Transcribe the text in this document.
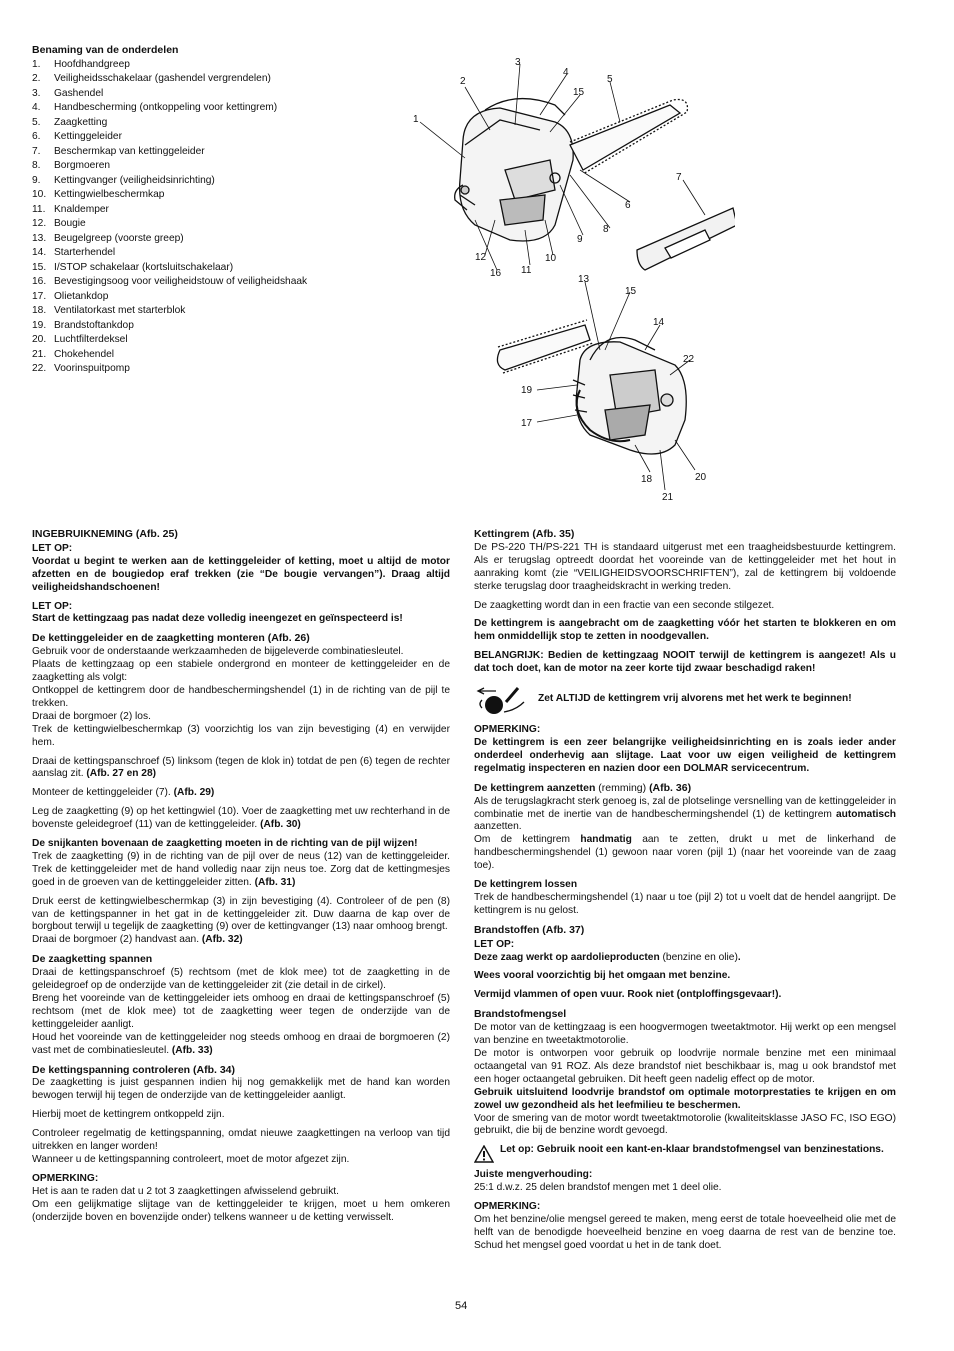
Benaming van de onderdelen
1.	Hoofdhandgreep
2.	Veiligheidsschakelaar (gashendel vergrendelen)
3.	Gashendel
4.	Handbescherming (ontkoppeling voor kettingrem)
5.	Zaagketting
6.	Kettinggeleider
7.	Beschermkap van kettinggeleider
8.	Borgmoeren
9.	Kettingvanger (veiligheidsinrichting)
10. Kettingwielbeschermkap
11. Knaldemper
12. Bougie
13. Beugelgreep (voorste greep)
14. Starterhendel
15. I/STOP schakelaar (kortsluitschakelaar)
16. Bevestigingsoog voor veiligheidstouw of veiligheidshaak
17. Olietankdop
18. Ventilatorkast met starterblok
19. Brandstoftankdop
20. Luchtfilterdeksel
21. Chokehendel
22. Voorinspuitpomp
1
2
3
4
5
6
7
8
9
10
11
12
13
14
15
15
16
17
18
19
20
21
22
INGEBRUIKNEMING (Afb. 25)
LET OP:

Voordat u begint te werken aan de kettinggeleider of ketting, moet u altijd de motor afzetten en de bougiedop eraf trekken (zie “De bougie vervangen”). Draag altijd veiligheidshandschoenen!

LET OP:

Start de kettingzaag pas nadat deze volledig ineengezet en geïnspecteerd is!

De kettinggeleider en de zaagketting monteren (Afb. 26)

Gebruik voor de onderstaande werkzaamheden de bijgeleverde combinatiesleutel.

Plaats de kettingzaag op een stabiele ondergrond en monteer de kettinggeleider en de zaagketting als volgt:

Ontkoppel de kettingrem door de handbeschermingshendel (1) in de richting van de pijl te trekken.

Draai de borgmoer (2) los.

Trek de kettingwielbeschermkap (3) voorzichtig los van zijn bevestiging (4) en verwijder hem.

Draai de kettingspanschroef (5) linksom (tegen de klok in) totdat de pen (6) tegen de rechter aanslag zit. (Afb. 27 en 28)

Monteer de kettinggeleider (7). (Afb. 29)

Leg de zaagketting (9) op het kettingwiel (10). Voer de zaagketting met uw rechterhand in de bovenste geleidegroef (11) van de kettinggeleider. (Afb. 30)

De snijkanten bovenaan de zaagketting moeten in de richting van de pijl wijzen!

Trek de zaagketting (9) in de richting van de pijl over de neus (12) van de kettinggeleider. Trek de kettinggeleider met de hand volledig naar zijn neus toe. Zorg dat de kettingmesjes goed in de groeven van de kettinggeleider zitten. (Afb. 31)

Druk eerst de kettingwielbeschermkap (3) in zijn bevestiging (4). Controleer of de pen (8) van de kettingspanner in het gat in de kettinggeleider zit. Duw daarna de kap over de borgbout terwijl u tegelijk de zaagketting (9) over de kettingvanger (13) naar omhoog brengt.

Draai de borgmoer (2) handvast aan. (Afb. 32)

De zaagketting spannen

Draai de kettingspanschroef (5) rechtsom (met de klok mee) tot de zaagketting in de geleidegroef op de onderzijde van de kettinggeleider zit (zie detail in de cirkel).

Breng het vooreinde van de kettinggeleider iets omhoog en draai de kettingspanschroef (5) rechtsom (met de klok mee) tot de zaagketting weer tegen de onderzijde van de kettinggeleider aanligt.

Houd het vooreinde van de kettinggeleider nog steeds omhoog en draai de borgmoeren (2) vast met de combinatiesleutel. (Afb. 33)

De kettingspanning controleren (Afb. 34)

De zaagketting is juist gespannen indien hij nog gemakkelijk met de hand kan worden bewogen terwijl hij tegen de onderzijde van de kettinggeleider aanligt.

Hierbij moet de kettingrem ontkoppeld zijn.

Controleer regelmatig de kettingspanning, omdat nieuwe zaagkettingen na verloop van tijd uitrekken en langer worden!

Wanneer u de kettingspanning controleert, moet de motor afgezet zijn.

OPMERKING:

Het is aan te raden dat u 2 tot 3 zaagkettingen afwisselend gebruikt.

Om een gelijkmatige slijtage van de kettinggeleider te krijgen, moet u hem omkeren (onderzijde boven en bovenzijde onder) telkens wanneer u de ketting verwisselt.

Kettingrem (Afb. 35)

De PS-220 TH/PS-221 TH is standaard uitgerust met een traagheidsbestuurde kettingrem. Als er terugslag optreedt doordat het vooreinde van de kettinggeleider met het hout in aanraking komt (zie “VEILIGHEIDSVOORSCHRIFTEN”), zal de kettingrem bij voldoende sterke terugslag door traagheidskracht in werking treden.

De zaagketting wordt dan in een fractie van een seconde stilgezet.

De kettingrem is aangebracht om de zaagketting vóór het starten te blokkeren en om hem onmiddellijk stop te zetten in noodgevallen.

BELANGRIJK: Bedien de kettingzaag NOOIT terwijl de kettingrem is aangezet! Als u dat toch doet, kan de motor na zeer korte tijd zwaar beschadigd raken!

Zet ALTIJD de kettingrem vrij alvorens met het werk te beginnen!
OPMERKING:

De kettingrem is een zeer belangrijke veiligheidsinrichting en is zoals ieder ander onderdeel onderhevig aan slijtage. Laat voor uw eigen veiligheid de kettingrem regelmatig inspecteren en nazien door een DOLMAR servicecentrum.

De kettingrem aanzetten (remming) (Afb. 36)

Als de terugslagkracht sterk genoeg is, zal de plotselinge versnelling van de kettinggeleider in combinatie met de inertie van de handbeschermingshendel (1) de kettingrem automatisch aanzetten.

Om de kettingrem handmatig aan te zetten, drukt u met de linkerhand de handbeschermingshendel (1) gewoon naar voren (pijl 1) (naar het vooreinde van de zaag toe).

De kettingrem lossen

Trek de handbeschermingshendel (1) naar u toe (pijl 2) tot u voelt dat de hendel aangrijpt. De kettingrem is nu gelost.

Brandstoffen (Afb. 37)
LET OP:

Deze zaag werkt op aardolieproducten (benzine en olie).

Wees vooral voorzichtig bij het omgaan met benzine.

Vermijd vlammen of open vuur. Rook niet (ontploffingsgevaar!).

Brandstofmengsel

De motor van de kettingzaag is een hoogvermogen tweetaktmotor. Hij werkt op een mengsel van benzine en tweetaktmotorolie.

De motor is ontworpen voor gebruik op loodvrije normale benzine met een minimaal octaangetal van 91 ROZ. Als deze brandstof niet beschikbaar is, mag u ook brandstof met een hoger octaangetal gebruiken. Dit heeft geen nadelig effect op de motor.

Gebruik uitsluitend loodvrije brandstof om optimale motorprestaties te krijgen en om zowel uw gezondheid als het leefmilieu te beschermen.

Voor de smering van de motor wordt tweetaktmotorolie (kwaliteitsklasse JASO FC, ISO EGO) gebruikt, die bij de benzine wordt gevoegd.

Let op: Gebruik nooit een kant-en-klaar brandstofmengsel van benzinestations.
Juiste mengverhouding:

25:1 d.w.z. 25 delen brandstof mengen met 1 deel olie.

OPMERKING:

Om het benzine/olie mengsel gereed te maken, meng eerst de totale hoeveelheid olie met de helft van de benodigde hoeveelheid benzine en voeg daarna de rest van de benzine toe. Schud het mengsel goed voordat u het in de tank doet.

54
